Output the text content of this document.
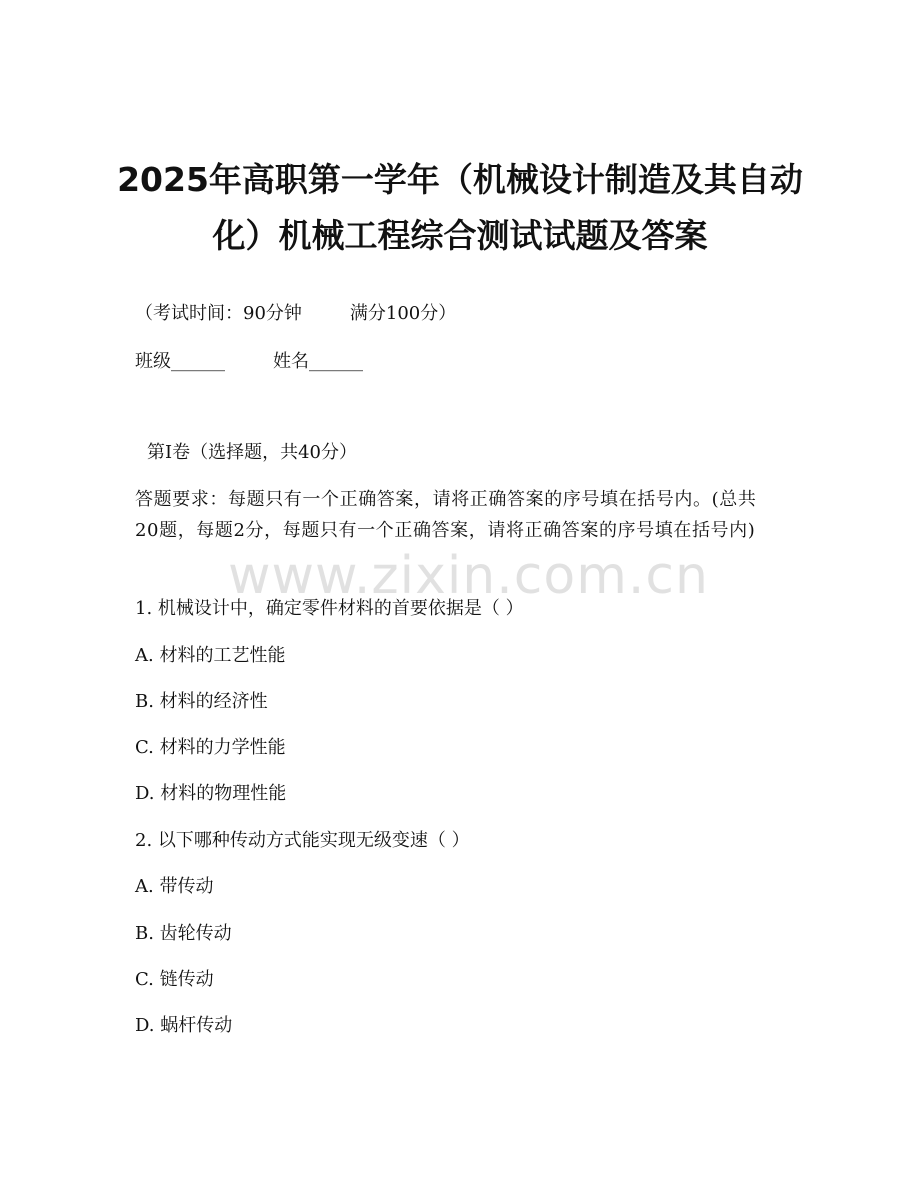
2025年高职第一学年（机械设计制造及其自动化）机械工程综合测试试题及答案
（考试时间：90分钟	满分100分）
班级______	姓名______
第Ⅰ卷（选择题，共40分）
答题要求：每题只有一个正确答案，请将正确答案的序号填在括号内。(总共20题，每题2分，每题只有一个正确答案，请将正确答案的序号填在括号内)
1. 机械设计中，确定零件材料的首要依据是（ ）
A. 材料的工艺性能
B. 材料的经济性
C. 材料的力学性能
D. 材料的物理性能
2. 以下哪种传动方式能实现无级变速（ ）
A. 带传动
B. 齿轮传动
C. 链传动
D. 蜗杆传动
www.zixin.com.cn
